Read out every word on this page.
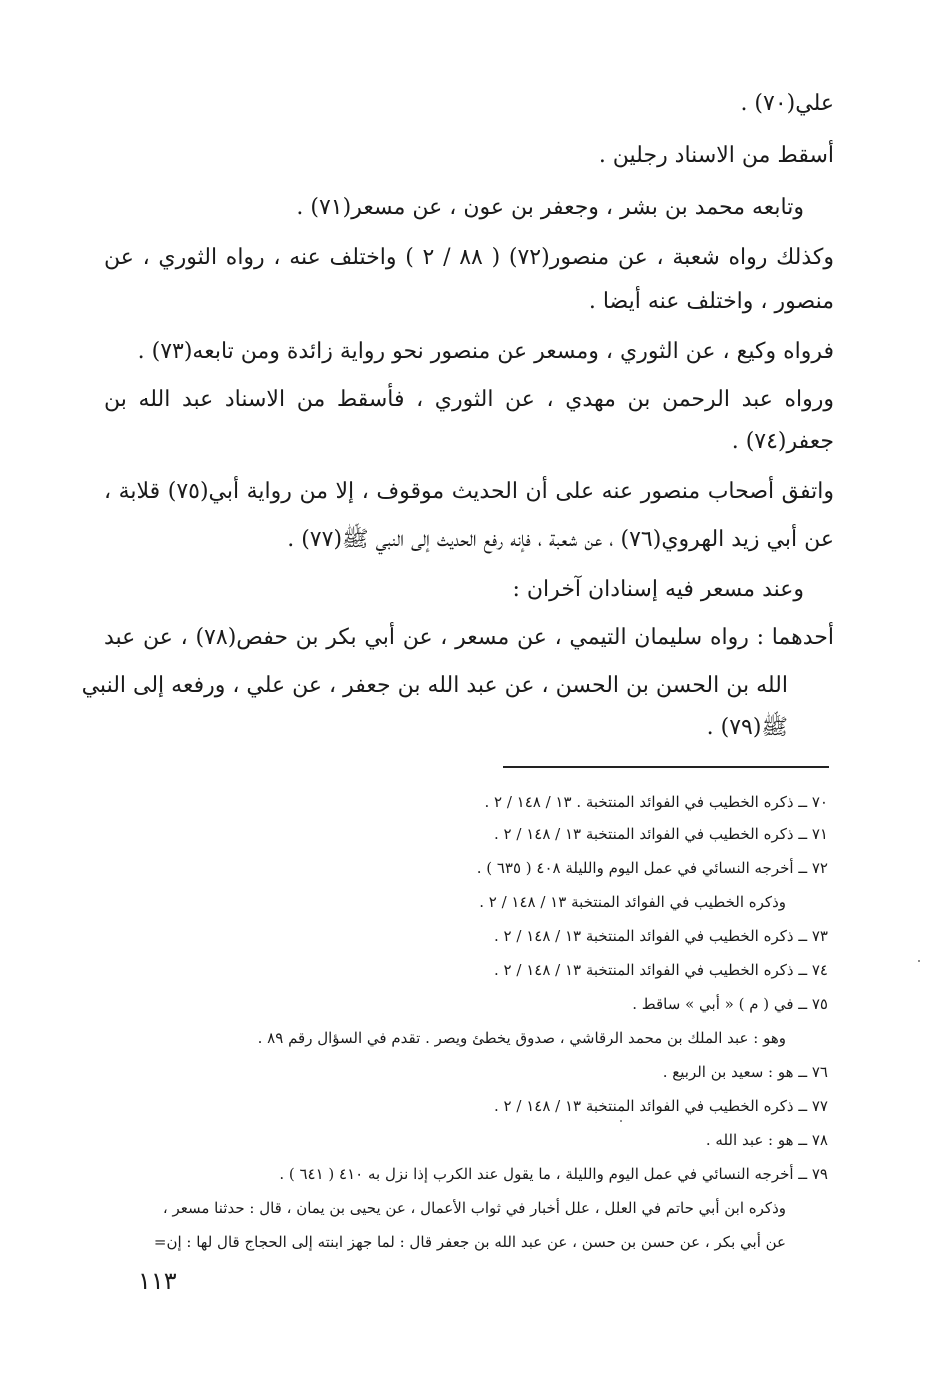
علي(٧٠) .
أسقط من الاسناد رجلين .
وتابعه محمد بن بشر ، وجعفر بن عون ، عن مسعر(٧١) .
وكذلك رواه شعبة ، عن منصور(٧٢) ( ٨٨ / ٢ ) واختلف عنه ، رواه الثوري ، عن
منصور ، واختلف عنه أيضا .
فرواه وكيع ، عن الثوري ، ومسعر عن منصور نحو رواية زائدة ومن تابعه(٧٣) .
ورواه عبد الرحمن بن مهدي ، عن الثوري ، فأسقط من الاسناد عبد الله بن
جعفر(٧٤) .
واتفق أصحاب منصور عنه على أن الحديث موقوف ، إلا من رواية أبي(٧٥) قلابة ،
عن أبي زيد الهروي(٧٦) ، عن شعبة ، فإنه رفع الحديث إلى النبي ﷺ(٧٧) .
وعند مسعر فيه إسنادان آخران :
أحدهما : رواه سليمان التيمي ، عن مسعر ، عن أبي بكر بن حفص(٧٨) ، عن عبد
الله بن الحسن بن الحسن ، عن عبد الله بن جعفر ، عن علي ، ورفعه إلى النبي
ﷺ(٧٩) .
٧٠ ــ ذكره الخطيب في الفوائد المنتخبة . ١٣ / ١٤٨ / ٢ .
٧١ ــ ذكره الخطيب في الفوائد المنتخبة ١٣ / ١٤٨ / ٢ .
٧٢ ــ أخرجه النسائي في عمل اليوم والليلة ٤٠٨ ( ٦٣٥ ) .
وذكره الخطيب في الفوائد المنتخبة ١٣ / ١٤٨ / ٢ .
٧٣ ــ ذكره الخطيب في الفوائد المنتخبة ١٣ / ١٤٨ / ٢ .
٧٤ ــ ذكره الخطيب في الفوائد المنتخبة ١٣ / ١٤٨ / ٢ .
٧٥ ــ في ( م ) « أبي » ساقط .
وهو : عبد الملك بن محمد الرقاشي ، صدوق يخطئ ويصر . تقدم في السؤال رقم ٨٩ .
٧٦ ــ هو : سعيد بن الربيع .
٧٧ ــ ذكره الخطيب في الفوائد المنتخبة ١٣ / ١٤٨ / ٢ .
٧٨ ــ هو : عبد الله .
٧٩ ــ أخرجه النسائي في عمل اليوم والليلة ، ما يقول عند الكرب إذا نزل به ٤١٠ ( ٦٤١ ) .
وذكره ابن أبي حاتم في العلل ، علل أخبار في ثواب الأعمال ، عن يحيى بن يمان ، قال : حدثنا مسعر ،
عن أبي بكر ، عن حسن بن حسن ، عن عبد الله بن جعفر قال : لما جهز ابنته إلى الحجاج قال لها : إن=
١١٣
